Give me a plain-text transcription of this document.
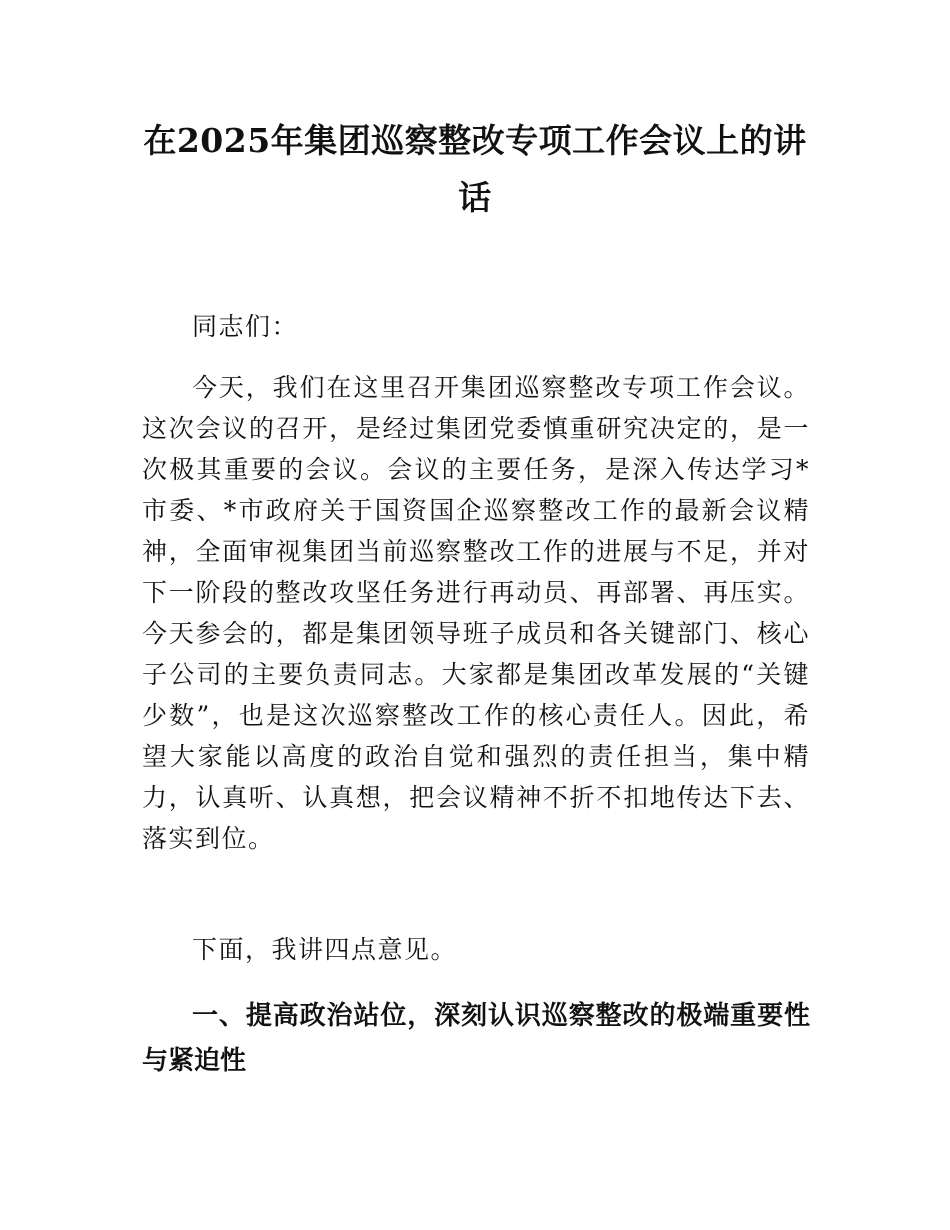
在2025年集团巡察整改专项工作会议上的讲话

同志们：

今天，我们在这里召开集团巡察整改专项工作会议。这次会议的召开，是经过集团党委慎重研究决定的，是一次极其重要的会议。会议的主要任务，是深入传达学习*市委、*市政府关于国资国企巡察整改工作的最新会议精神，全面审视集团当前巡察整改工作的进展与不足，并对下一阶段的整改攻坚任务进行再动员、再部署、再压实。今天参会的，都是集团领导班子成员和各关键部门、核心子公司的主要负责同志。大家都是集团改革发展的“关键少数”，也是这次巡察整改工作的核心责任人。因此，希望大家能以高度的政治自觉和强烈的责任担当，集中精力，认真听、认真想，把会议精神不折不扣地传达下去、落实到位。

下面，我讲四点意见。

一、提高政治站位，深刻认识巡察整改的极端重要性与紧迫性
